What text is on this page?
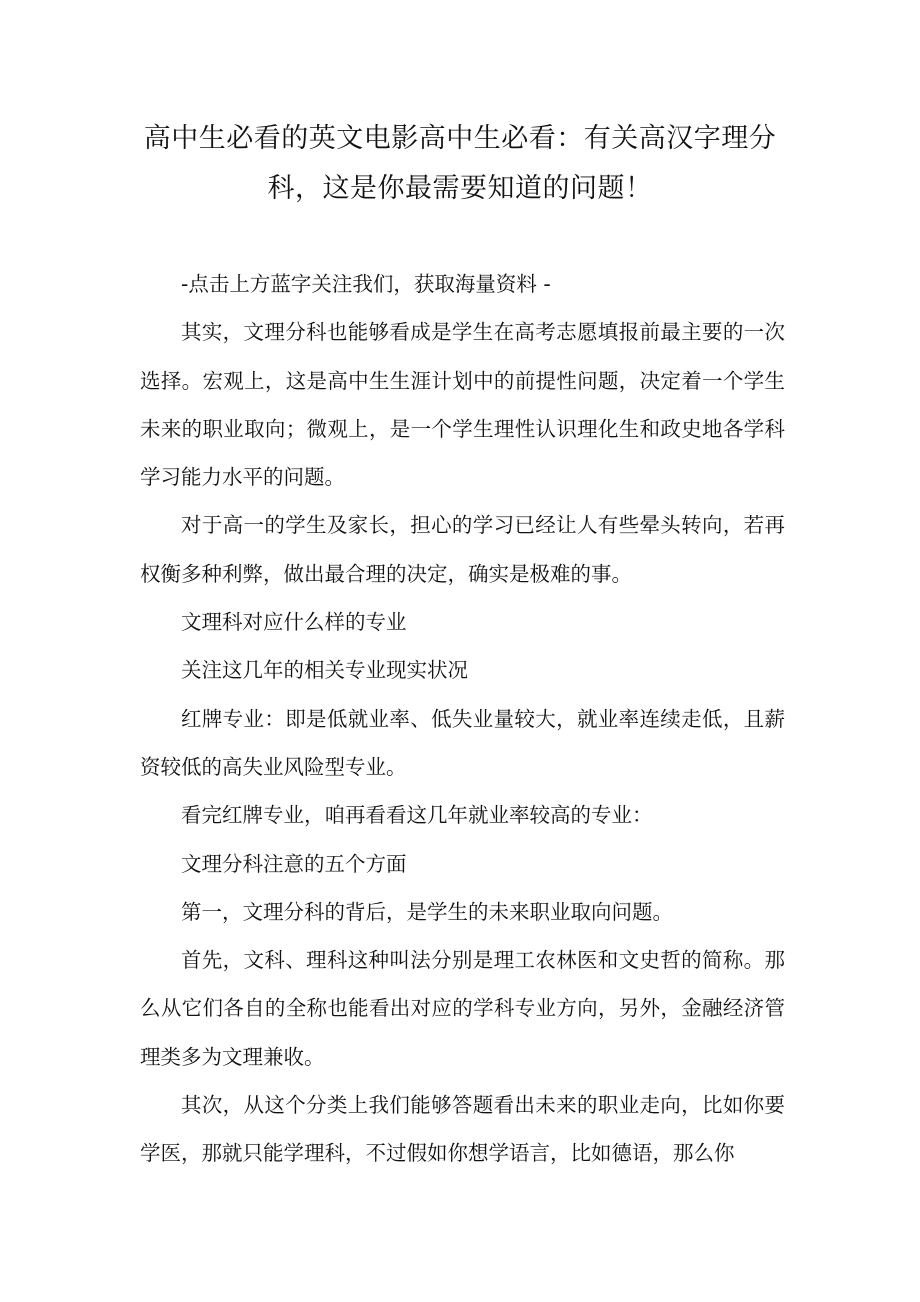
高中生必看的英文电影高中生必看：有关高汉字理分科，这是你最需要知道的问题！

-点击上方蓝字关注我们，获取海量资料 -

其实，文理分科也能够看成是学生在高考志愿填报前最主要的一次选择。宏观上，这是高中生生涯计划中的前提性问题，决定着一个学生未来的职业取向；微观上，是一个学生理性认识理化生和政史地各学科学习能力水平的问题。

对于高一的学生及家长，担心的学习已经让人有些晕头转向，若再权衡多种利弊，做出最合理的决定，确实是极难的事。

文理科对应什么样的专业

关注这几年的相关专业现实状况

红牌专业：即是低就业率、低失业量较大，就业率连续走低，且薪资较低的高失业风险型专业。

看完红牌专业，咱再看看这几年就业率较高的专业：

文理分科注意的五个方面

第一，文理分科的背后，是学生的未来职业取向问题。

首先，文科、理科这种叫法分别是理工农林医和文史哲的简称。那么从它们各自的全称也能看出对应的学科专业方向，另外，金融经济管理类多为文理兼收。

其次，从这个分类上我们能够答题看出未来的职业走向，比如你要学医，那就只能学理科，不过假如你想学语言，比如德语，那么你
